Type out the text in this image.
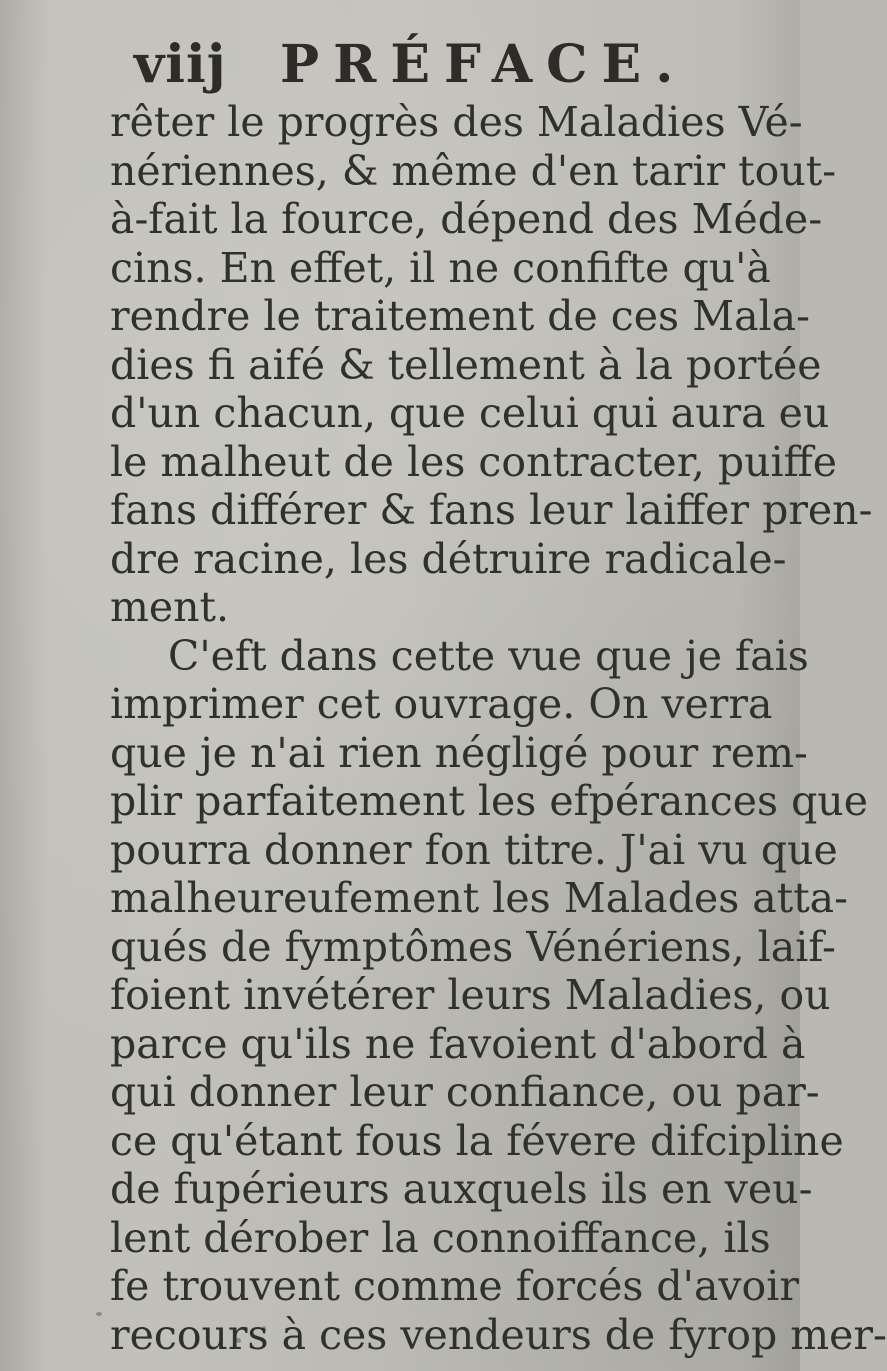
viij PRÉFACE.
rêter le progrès des Maladies Vé-
nériennes, & même d'en tarir tout-
à-fait la fource, dépend des Méde-
cins. En effet, il ne confifte qu'à
rendre le traitement de ces Mala-
dies fi aifé & tellement à la portée
d'un chacun, que celui qui aura eu
le malheut de les contracter, puiffe
fans différer & fans leur laiffer pren-
dre racine, les détruire radicale-
ment.
C'eft dans cette vue que je fais
imprimer cet ouvrage. On verra
que je n'ai rien négligé pour rem-
plir parfaitement les efpérances que
pourra donner fon titre. J'ai vu que
malheureufement les Malades atta-
qués de fymptômes Vénériens, laif-
foient invétérer leurs Maladies, ou
parce qu'ils ne favoient d'abord à
qui donner leur confiance, ou par-
ce qu'étant fous la févere difcipline
de fupérieurs auxquels ils en veu-
lent dérober la connoiffance, ils
fe trouvent comme forcés d'avoir
recours à ces vendeurs de fyrop mer-
